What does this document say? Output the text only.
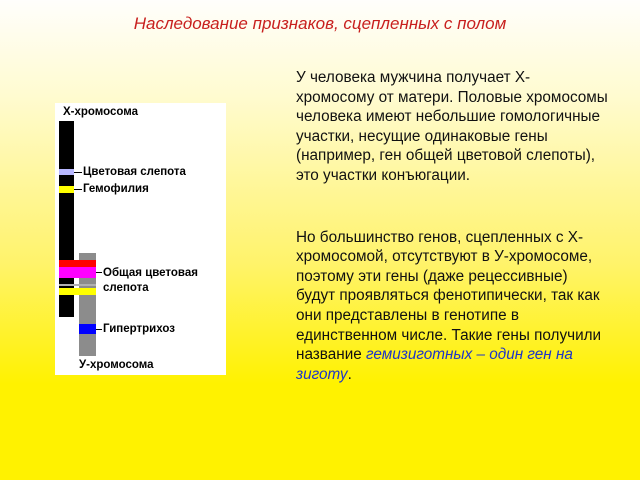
Наследование признаков, сцепленных с полом

У человека мужчина получает X-хромосому от матери. Половые хромосомы человека имеют небольшие гомологичные участки, несущие одинаковые гены (например, ген общей цветовой слепоты), это участки конъюгации.

Но большинство генов, сцепленных с X-хромосомой, отсутствуют в У-хромосоме, поэтому эти гены (даже рецессивные) будут проявляться фенотипически, так как они представлены в генотипе в единственном числе. Такие гены получили название гемизиготных – один ген на зиготу.

X-хромосома
Цветовая слепота
Гемофилия
Общая цветовая
слепота
Гипертрихоз
У-хромосома
